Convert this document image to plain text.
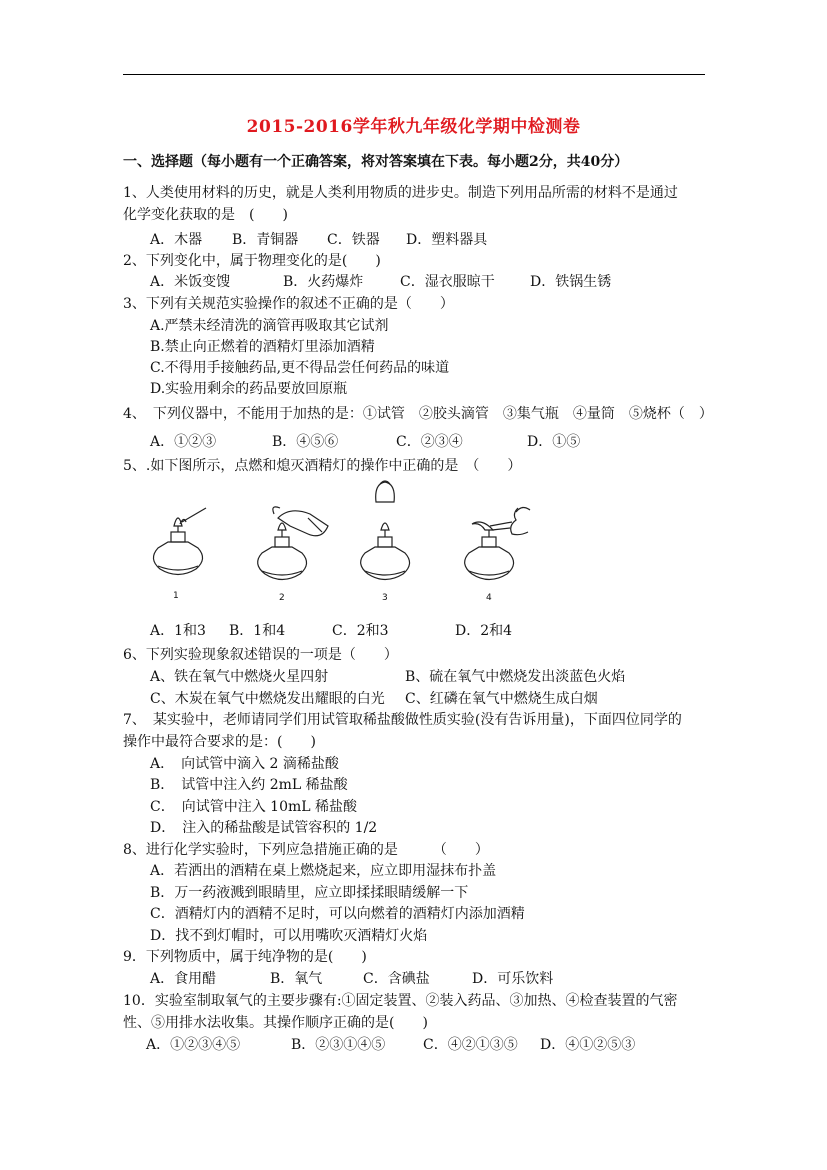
2015-2016学年秋九年级化学期中检测卷
一、选择题（每小题有一个正确答案，将对答案填在下表。每小题2分，共40分）
1、人类使用材料的历史，就是人类利用物质的进步史。制造下列用品所需的材料不是通过
化学变化获取的是　(　　)
A．木器 B．青铜器 C．铁器 D．塑料器具
2、下列变化中，属于物理变化的是(　　)
A．米饭变馊	B．火药爆炸	C．湿衣服晾干	D．铁锅生锈
3、下列有关规范实验操作的叙述不正确的是（　　）
A.严禁未经清洗的滴管再吸取其它试剂
B.禁止向正燃着的酒精灯里添加酒精
C.不得用手接触药品,更不得品尝任何药品的味道
D.实验用剩余的药品要放回原瓶
4、　下列仪器中，不能用于加热的是：①试管　②胶头滴管　③集气瓶　④量筒　⑤烧杯（　）
A．①②③	B．④⑤⑥	C．②③④	D．①⑤
5、.如下图所示，点燃和熄灭酒精灯的操作中正确的是　（　　）
1	2	3	4
A．1和3 B．1和4	C．2和3	D．2和4
6、下列实验现象叙述错误的一项是（　　）
A、铁在氧气中燃烧火星四射	B、硫在氧气中燃烧发出淡蓝色火焰
C、木炭在氧气中燃烧发出耀眼的白光 C、红磷在氧气中燃烧生成白烟
7、　某实验中，老师请同学们用试管取稀盐酸做性质实验(没有告诉用量)，下面四位同学的
操作中最符合要求的是：(　　)
A．　向试管中滴入 2 滴稀盐酸
B．　试管中注入约 2mL 稀盐酸
C．　向试管中注入 10mL 稀盐酸
D．　注入的稀盐酸是试管容积的 1/2
8、进行化学实验时，下列应急措施正确的是　　　（　　）
A．若洒出的酒精在桌上燃烧起来，应立即用湿抹布扑盖
B．万一药液溅到眼睛里，应立即揉揉眼睛缓解一下
C．酒精灯内的酒精不足时，可以向燃着的酒精灯内添加酒精
D．找不到灯帽时，可以用嘴吹灭酒精灯火焰
9．下列物质中，属于纯净物的是(　　)
A．食用醋	B．氧气	C．含碘盐	D．可乐饮料
10．实验室制取氧气的主要步骤有:①固定装置、②装入药品、③加热、④检查装置的气密
性、⑤用排水法收集。其操作顺序正确的是(　　)
A．①②③④⑤	B．②③①④⑤	C．④②①③⑤ D．④①②⑤③
